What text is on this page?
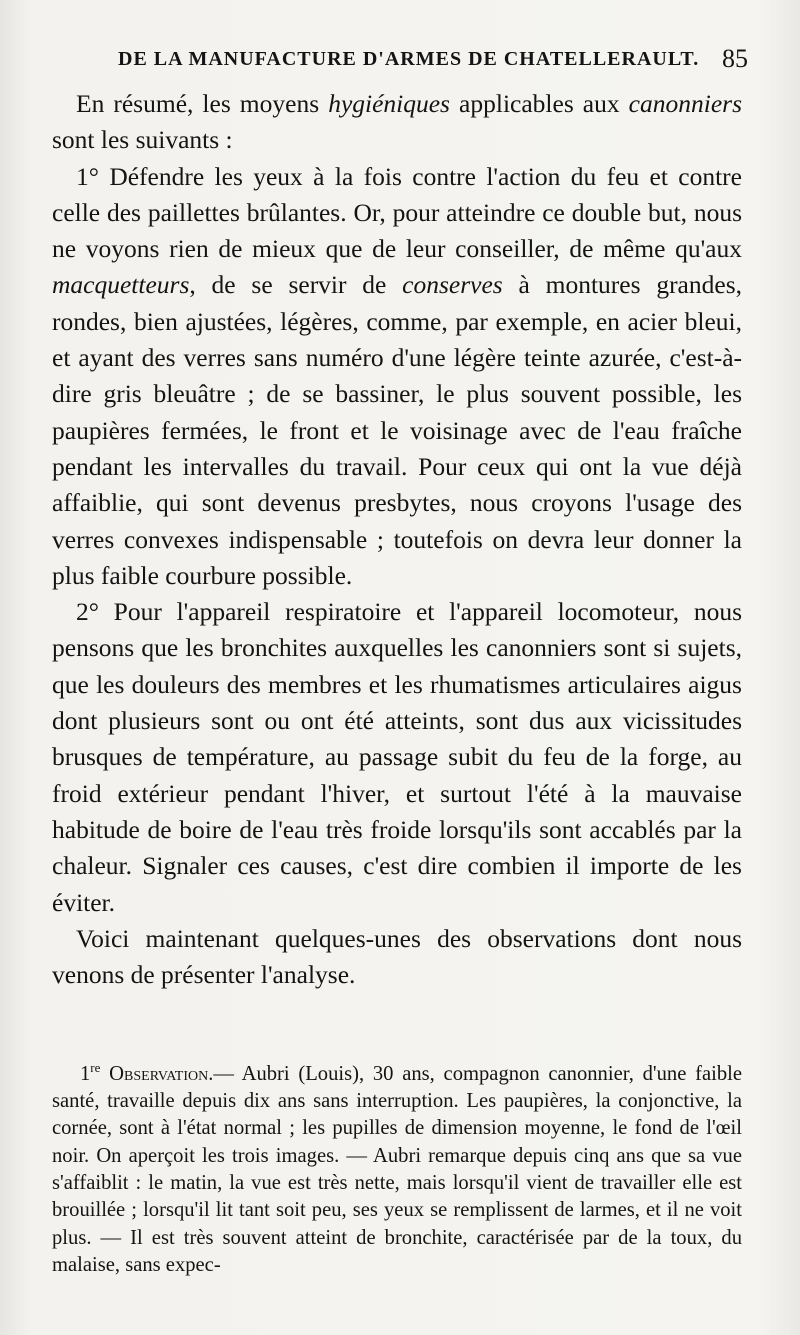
DE LA MANUFACTURE D'ARMES DE CHATELLERAULT. 85

En résumé, les moyens hygiéniques applicables aux canonniers sont les suivants :

1° Défendre les yeux à la fois contre l'action du feu et contre celle des paillettes brûlantes. Or, pour atteindre ce double but, nous ne voyons rien de mieux que de leur conseiller, de même qu'aux macquetteurs, de se servir de conserves à montures grandes, rondes, bien ajustées, légères, comme, par exemple, en acier bleui, et ayant des verres sans numéro d'une légère teinte azurée, c'est-à-dire gris bleuâtre ; de se bassiner, le plus souvent possible, les paupières fermées, le front et le voisinage avec de l'eau fraîche pendant les intervalles du travail. Pour ceux qui ont la vue déjà affaiblie, qui sont devenus presbytes, nous croyons l'usage des verres convexes indispensable ; toutefois on devra leur donner la plus faible courbure possible.

2° Pour l'appareil respiratoire et l'appareil locomoteur, nous pensons que les bronchites auxquelles les canonniers sont si sujets, que les douleurs des membres et les rhumatismes articulaires aigus dont plusieurs sont ou ont été atteints, sont dus aux vicissitudes brusques de température, au passage subit du feu de la forge, au froid extérieur pendant l'hiver, et surtout l'été à la mauvaise habitude de boire de l'eau très froide lorsqu'ils sont accablés par la chaleur. Signaler ces causes, c'est dire combien il importe de les éviter.

Voici maintenant quelques-unes des observations dont nous venons de présenter l'analyse.

1re Observation.— Aubri (Louis), 30 ans, compagnon canonnier, d'une faible santé, travaille depuis dix ans sans interruption. Les paupières, la conjonctive, la cornée, sont à l'état normal ; les pupilles de dimension moyenne, le fond de l'œil noir. On aperçoit les trois images. — Aubri remarque depuis cinq ans que sa vue s'affaiblit : le matin, la vue est très nette, mais lorsqu'il vient de travailler elle est brouillée ; lorsqu'il lit tant soit peu, ses yeux se remplissent de larmes, et il ne voit plus. — Il est très souvent atteint de bronchite, caractérisée par de la toux, du malaise, sans expec-
